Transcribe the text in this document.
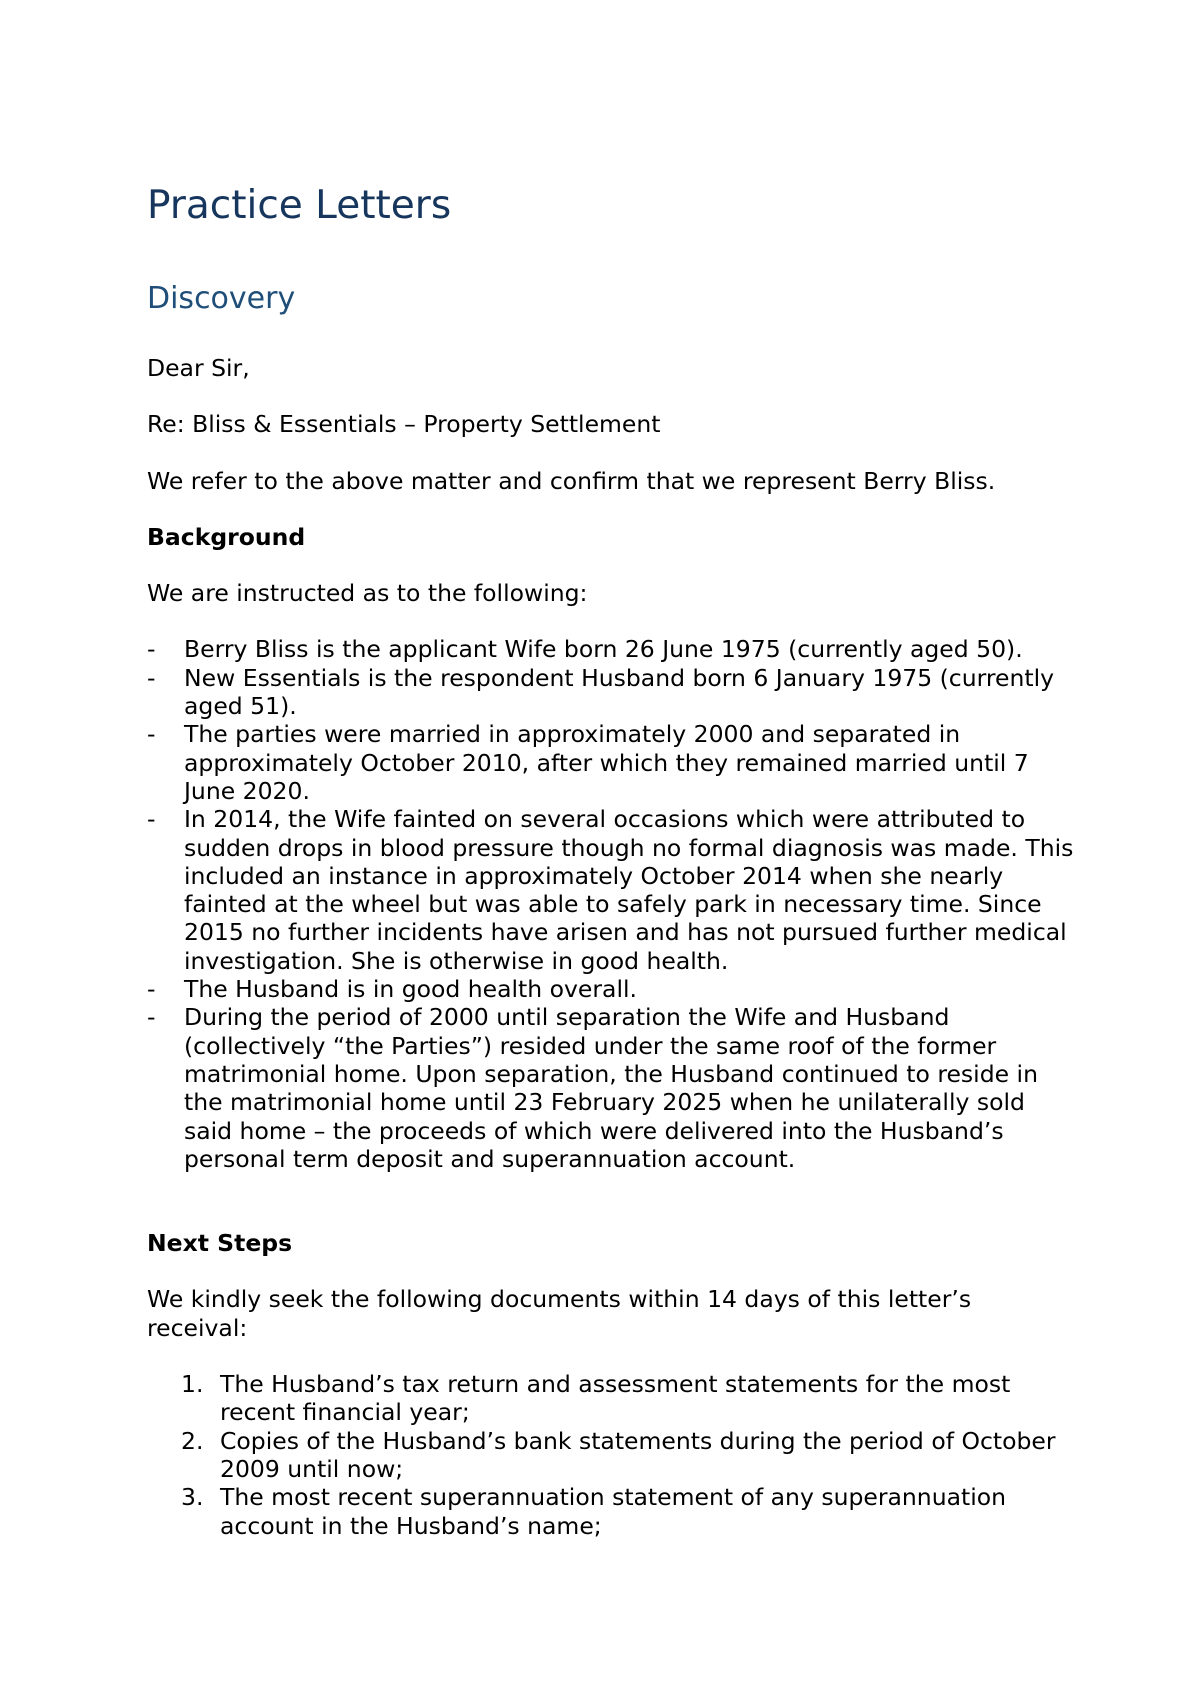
Practice Letters
Discovery

Dear Sir,

Re: Bliss & Essentials – Property Settlement

We refer to the above matter and confirm that we represent Berry Bliss.

Background

We are instructed as to the following:

- Berry Bliss is the applicant Wife born 26 June 1975 (currently aged 50).
- New Essentials is the respondent Husband born 6 January 1975 (currently aged 51).
- The parties were married in approximately 2000 and separated in approximately October 2010, after which they remained married until 7 June 2020.
- In 2014, the Wife fainted on several occasions which were attributed to sudden drops in blood pressure though no formal diagnosis was made. This included an instance in approximately October 2014 when she nearly fainted at the wheel but was able to safely park in necessary time. Since 2015 no further incidents have arisen and has not pursued further medical investigation. She is otherwise in good health.
- The Husband is in good health overall.
- During the period of 2000 until separation the Wife and Husband (collectively “the Parties”) resided under the same roof of the former matrimonial home. Upon separation, the Husband continued to reside in the matrimonial home until 23 February 2025 when he unilaterally sold said home – the proceeds of which were delivered into the Husband’s personal term deposit and superannuation account.

Next Steps

We kindly seek the following documents within 14 days of this letter’s receival:

1. The Husband’s tax return and assessment statements for the most recent financial year;
2. Copies of the Husband’s bank statements during the period of October 2009 until now;
3. The most recent superannuation statement of any superannuation account in the Husband’s name;
